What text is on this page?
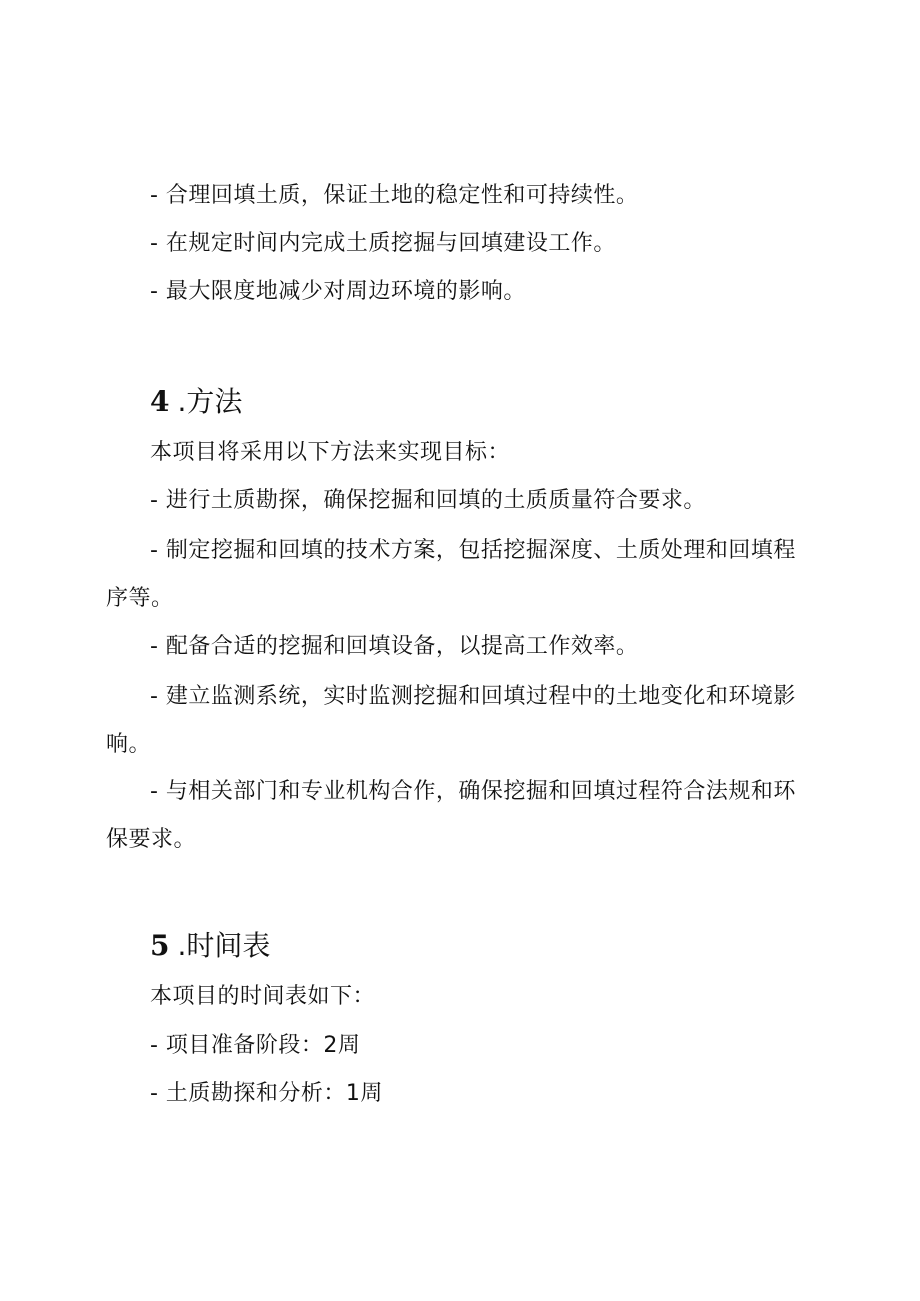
- 合理回填土质，保证土地的稳定性和可持续性。
- 在规定时间内完成土质挖掘与回填建设工作。
- 最大限度地减少对周边环境的影响。
4 .方法
本项目将采用以下方法来实现目标：
- 进行土质勘探，确保挖掘和回填的土质质量符合要求。
- 制定挖掘和回填的技术方案，包括挖掘深度、土质处理和回填程序等。
- 配备合适的挖掘和回填设备，以提高工作效率。
- 建立监测系统，实时监测挖掘和回填过程中的土地变化和环境影响。
- 与相关部门和专业机构合作，确保挖掘和回填过程符合法规和环保要求。
5 .时间表
本项目的时间表如下：
- 项目准备阶段：2周
- 土质勘探和分析：1周
